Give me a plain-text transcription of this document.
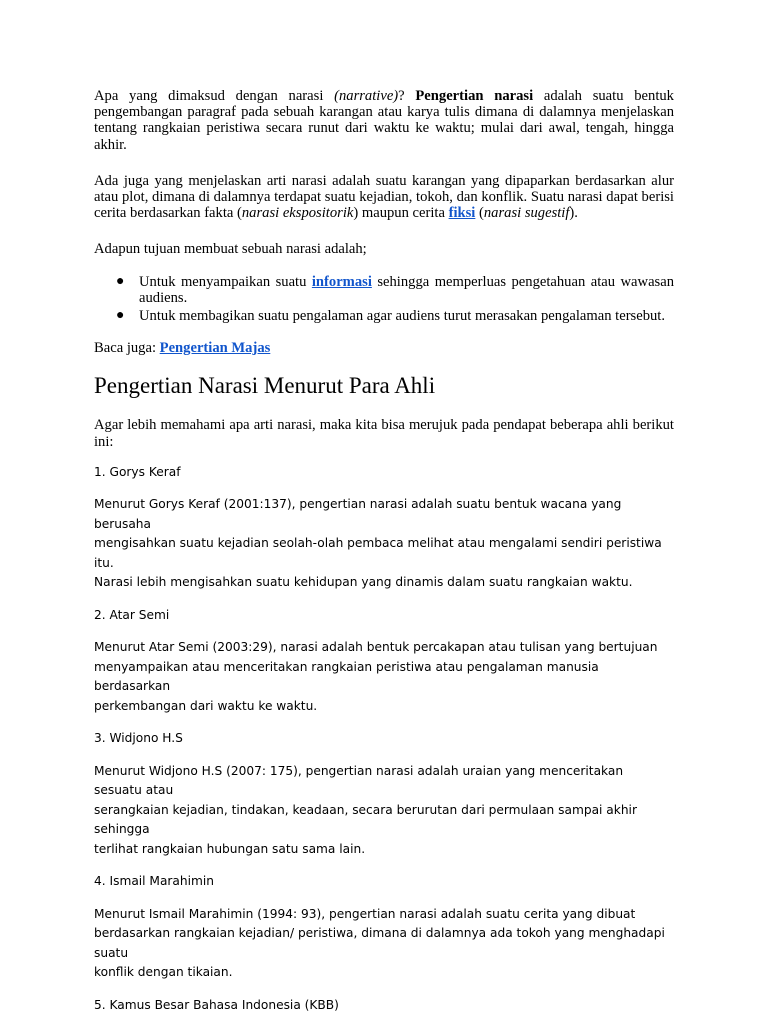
Apa yang dimaksud dengan narasi (narrative)? Pengertian narasi adalah suatu bentuk pengembangan paragraf pada sebuah karangan atau karya tulis dimana di dalamnya menjelaskan tentang rangkaian peristiwa secara runut dari waktu ke waktu; mulai dari awal, tengah, hingga akhir.

Ada juga yang menjelaskan arti narasi adalah suatu karangan yang dipaparkan berdasarkan alur atau plot, dimana di dalamnya terdapat suatu kejadian, tokoh, dan konflik. Suatu narasi dapat berisi cerita berdasarkan fakta (narasi ekspositorik) maupun cerita fiksi (narasi sugestif).

Adapun tujuan membuat sebuah narasi adalah;

● Untuk menyampaikan suatu informasi sehingga memperluas pengetahuan atau wawasan audiens.
● Untuk membagikan suatu pengalaman agar audiens turut merasakan pengalaman tersebut.

Baca juga: Pengertian Majas

Pengertian Narasi Menurut Para Ahli

Agar lebih memahami apa arti narasi, maka kita bisa merujuk pada pendapat beberapa ahli berikut ini:

1. Gorys Keraf

Menurut Gorys Keraf (2001:137), pengertian narasi adalah suatu bentuk wacana yang berusaha
mengisahkan suatu kejadian seolah-olah pembaca melihat atau mengalami sendiri peristiwa itu.
Narasi lebih mengisahkan suatu kehidupan yang dinamis dalam suatu rangkaian waktu.

2. Atar Semi

Menurut Atar Semi (2003:29), narasi adalah bentuk percakapan atau tulisan yang bertujuan
menyampaikan atau menceritakan rangkaian peristiwa atau pengalaman manusia berdasarkan
perkembangan dari waktu ke waktu.

3. Widjono H.S

Menurut Widjono H.S (2007: 175), pengertian narasi adalah uraian yang menceritakan sesuatu atau
serangkaian kejadian, tindakan, keadaan, secara berurutan dari permulaan sampai akhir sehingga
terlihat rangkaian hubungan satu sama lain.

4. Ismail Marahimin

Menurut Ismail Marahimin (1994: 93), pengertian narasi adalah suatu cerita yang dibuat
berdasarkan rangkaian kejadian/ peristiwa, dimana di dalamnya ada tokoh yang menghadapi suatu
konflik dengan tikaian.

5. Kamus Besar Bahasa Indonesia (KBB)
